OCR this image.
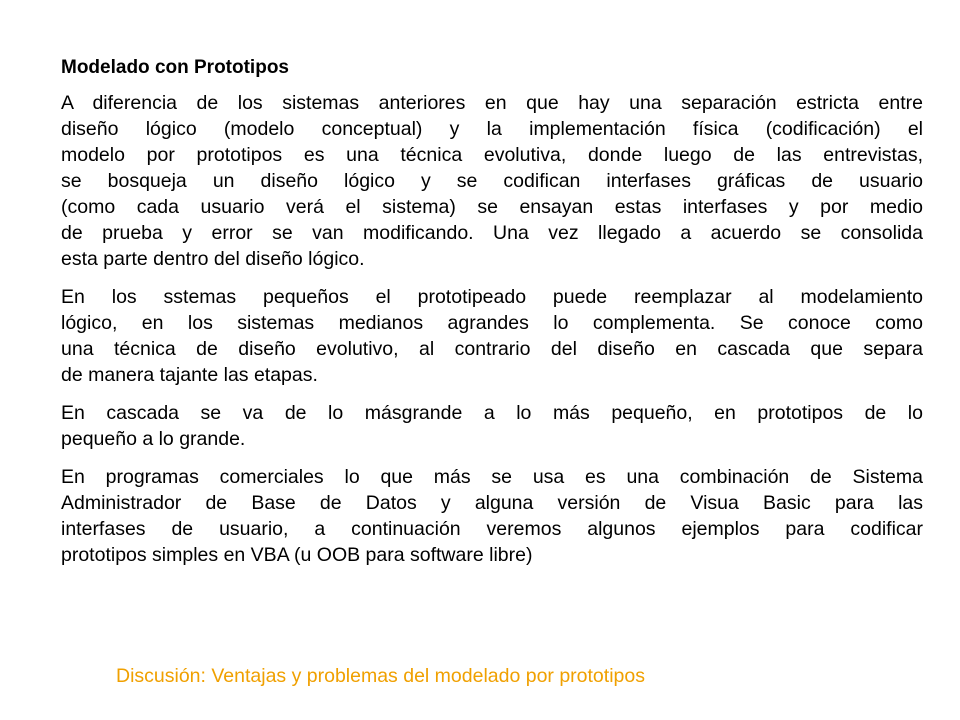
Modelado con Prototipos
A diferencia de los sistemas anteriores en que hay una separación estricta entre
diseño lógico (modelo conceptual) y la implementación física (codificación) el
modelo por prototipos es una técnica evolutiva, donde luego de las entrevistas,
se bosqueja un diseño lógico y se codifican interfases gráficas de usuario
(como cada usuario verá el sistema) se ensayan estas interfases y por medio
de prueba y error se van modificando. Una vez llegado a acuerdo se consolida
esta parte dentro del diseño lógico.
En los sstemas pequeños el prototipeado puede reemplazar al modelamiento
lógico, en los sistemas medianos agrandes lo complementa. Se conoce como
una técnica de diseño evolutivo, al contrario del diseño en cascada que separa
de manera tajante las etapas.
En cascada se va de lo másgrande a lo más pequeño, en prototipos de lo
pequeño a lo grande.
En programas comerciales lo que más se usa es una combinación de Sistema
Administrador de Base de Datos y alguna versión de Visua Basic para las
interfases de usuario, a continuación veremos algunos ejemplos para codificar
prototipos simples en VBA (u OOB para software libre)
Discusión: Ventajas y problemas del modelado por prototipos
